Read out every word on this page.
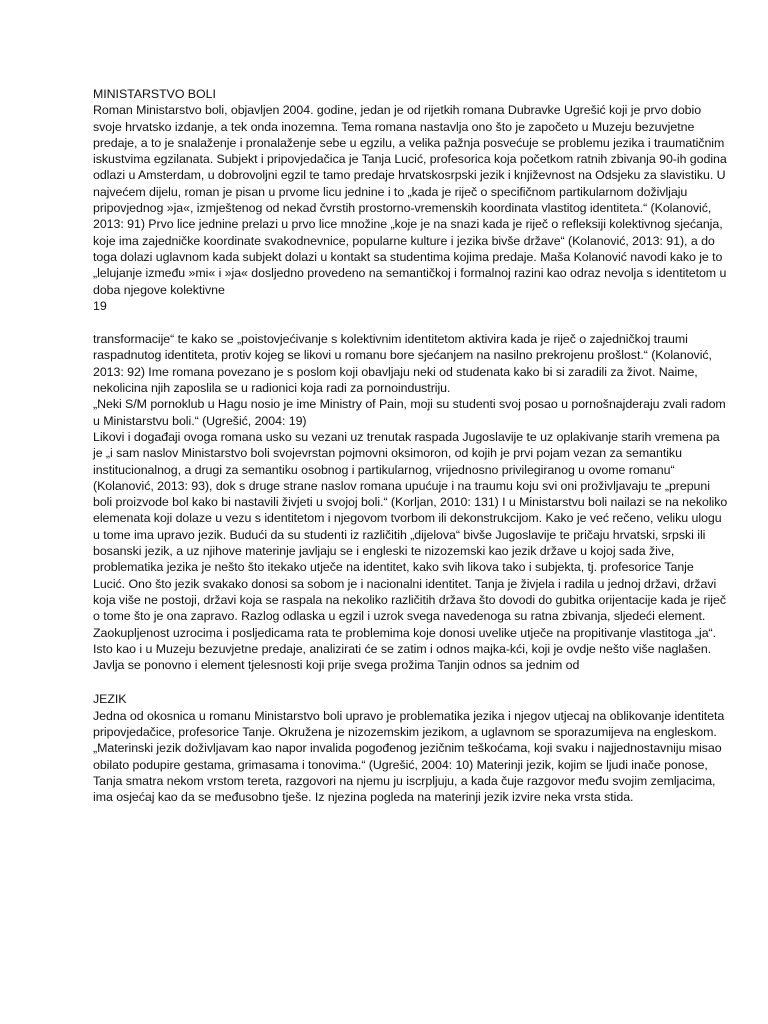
MINISTARSTVO BOLI

Roman Ministarstvo boli, objavljen 2004. godine, jedan je od rijetkih romana Dubravke Ugrešić koji je prvo dobio svoje hrvatsko izdanje, a tek onda inozemna. Tema romana nastavlja ono što je započeto u Muzeju bezuvjetne predaje, a to je snalaženje i pronalaženje sebe u egzilu, a velika pažnja posvećuje se problemu jezika i traumatičnim iskustvima egzilanata. Subjekt i pripovjedačica je Tanja Lucić, profesorica koja početkom ratnih zbivanja 90-ih godina odlazi u Amsterdam, u dobrovoljni egzil te tamo predaje hrvatskosrpski jezik i književnost na Odsjeku za slavistiku. U najvećem dijelu, roman je pisan u prvome licu jednine i to „kada je riječ o specifičnom partikularnom doživljaju pripovjednog »ja«, izmještenog od nekad čvrstih prostorno-vremenskih koordinata vlastitog identiteta.“ (Kolanović, 2013: 91) Prvo lice jednine prelazi u prvo lice množine „koje je na snazi kada je riječ o refleksiji kolektivnog sjećanja, koje ima zajedničke koordinate svakodnevnice, popularne kulture i jezika bivše države“ (Kolanović, 2013: 91), a do toga dolazi uglavnom kada subjekt dolazi u kontakt sa studentima kojima predaje. Maša Kolanović navodi kako je to „lelujanje između »mi« i »ja« dosljedno provedeno na semantičkoj i formalnoj razini kao odraz nevolja s identitetom u doba njegove kolektivne

19

transformacije“ te kako se „poistovjećivanje s kolektivnim identitetom aktivira kada je riječ o zajedničkoj traumi raspadnutog identiteta, protiv kojeg se likovi u romanu bore sjećanjem na nasilno prekrojenu prošlost.“ (Kolanović, 2013: 92) Ime romana povezano je s poslom koji obavljaju neki od studenata kako bi si zaradili za život. Naime, nekolicina njih zaposlila se u radionici koja radi za pornoindustriju.

„Neki S/M pornoklub u Hagu nosio je ime Ministry of Pain, moji su studenti svoj posao u pornošnajderaju zvali radom u Ministarstvu boli.“ (Ugrešić, 2004: 19)

Likovi i događaji ovoga romana usko su vezani uz trenutak raspada Jugoslavije te uz oplakivanje starih vremena pa je „i sam naslov Ministarstvo boli svojevrstan pojmovni oksimoron, od kojih je prvi pojam vezan za semantiku institucionalnog, a drugi za semantiku osobnog i partikularnog, vrijednosno privilegiranog u ovome romanu“ (Kolanović, 2013: 93), dok s druge strane naslov romana upućuje i na traumu koju svi oni proživljavaju te „prepuni boli proizvode bol kako bi nastavili živjeti u svojoj boli.“ (Korljan, 2010: 131) I u Ministarstvu boli nailazi se na nekoliko elemenata koji dolaze u vezu s identitetom i njegovom tvorbom ili dekonstrukcijom. Kako je već rečeno, veliku ulogu u tome ima upravo jezik. Budući da su studenti iz različitih „dijelova“ bivše Jugoslavije te pričaju hrvatski, srpski ili bosanski jezik, a uz njihove materinje javljaju se i engleski te nizozemski kao jezik države u kojoj sada žive, problematika jezika je nešto što itekako utječe na identitet, kako svih likova tako i subjekta, tj. profesorice Tanje Lucić. Ono što jezik svakako donosi sa sobom je i nacionalni identitet. Tanja je živjela i radila u jednoj državi, državi koja više ne postoji, državi koja se raspala na nekoliko različitih država što dovodi do gubitka orijentacije kada je riječ o tome što je ona zapravo. Razlog odlaska u egzil i uzrok svega navedenoga su ratna zbivanja, sljedeći element. Zaokupljenost uzrocima i posljedicama rata te problemima koje donosi uvelike utječe na propitivanje vlastitoga „ja“. Isto kao i u Muzeju bezuvjetne predaje, analizirati će se zatim i odnos majka-kći, koji je ovdje nešto više naglašen. Javlja se ponovno i element tjelesnosti koji prije svega prožima Tanjin odnos sa jednim od

JEZIK

Jedna od okosnica u romanu Ministarstvo boli upravo je problematika jezika i njegov utjecaj na oblikovanje identiteta pripovjedačice, profesorice Tanje. Okružena je nizozemskim jezikom, a uglavnom se sporazumijeva na engleskom.

„Materinski jezik doživljavam kao napor invalida pogođenog jezičnim teškoćama, koji svaku i najjednostavniju misao obilato podupire gestama, grimasama i tonovima.“ (Ugrešić, 2004: 10) Materinji jezik, kojim se ljudi inače ponose, Tanja smatra nekom vrstom tereta, razgovori na njemu ju iscrpljuju, a kada čuje razgovor među svojim zemljacima, ima osjećaj kao da se međusobno tješe. Iz njezina pogleda na materinji jezik izvire neka vrsta stida.
